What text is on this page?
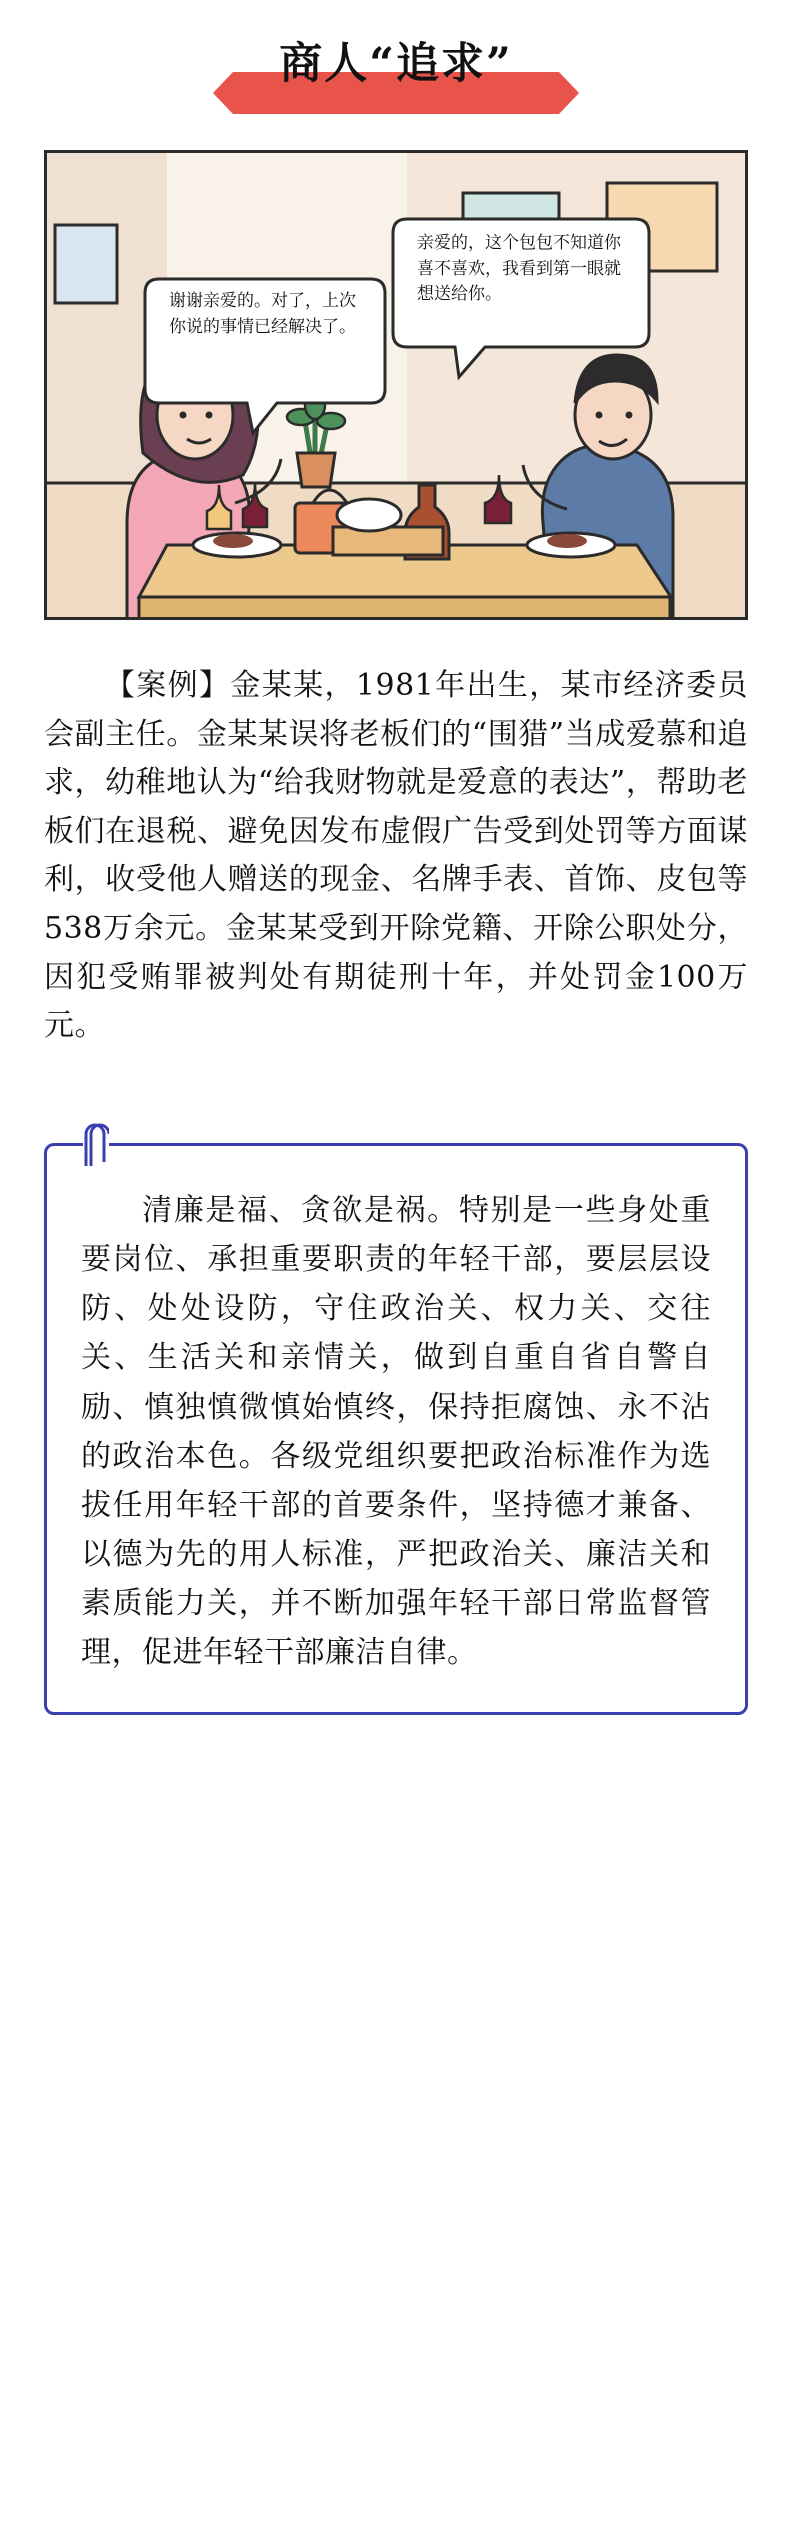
商人“追求”
谢谢亲爱的。对了，上次你说的事情已经解决了。
亲爱的，这个包包不知道你喜不喜欢，我看到第一眼就想送给你。
【案例】金某某，1981年出生，某市经济委员会副主任。金某某误将老板们的“围猎”当成爱慕和追求，幼稚地认为“给我财物就是爱意的表达”，帮助老板们在退税、避免因发布虚假广告受到处罚等方面谋利，收受他人赠送的现金、名牌手表、首饰、皮包等538万余元。金某某受到开除党籍、开除公职处分，因犯受贿罪被判处有期徒刑十年，并处罚金100万元。
清廉是福、贪欲是祸。特别是一些身处重要岗位、承担重要职责的年轻干部，要层层设防、处处设防，守住政治关、权力关、交往关、生活关和亲情关，做到自重自省自警自励、慎独慎微慎始慎终，保持拒腐蚀、永不沾的政治本色。各级党组织要把政治标准作为选拔任用年轻干部的首要条件，坚持德才兼备、以德为先的用人标准，严把政治关、廉洁关和素质能力关，并不断加强年轻干部日常监督管理，促进年轻干部廉洁自律。
